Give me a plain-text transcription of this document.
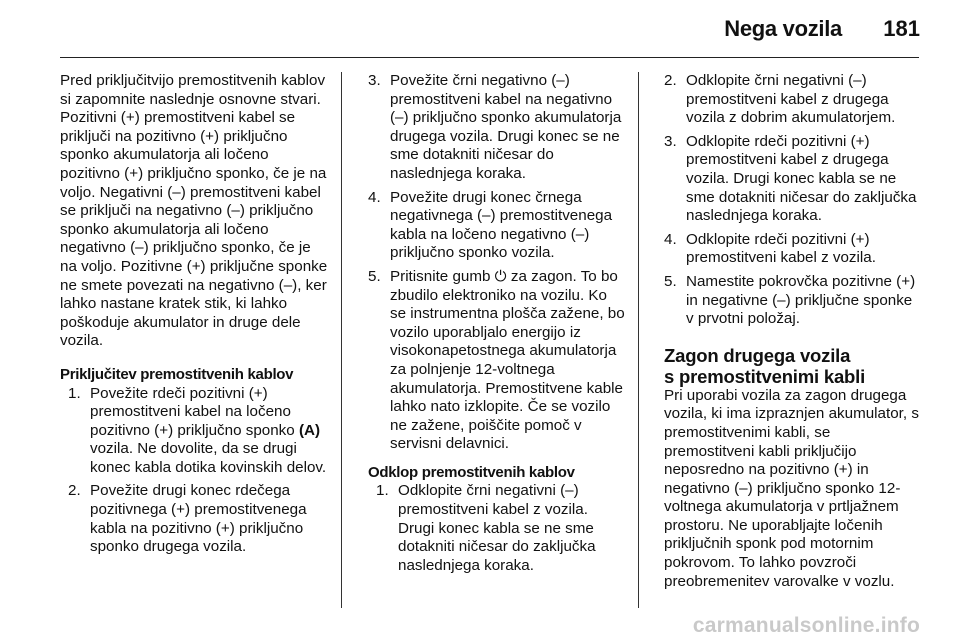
Nega vozila 181

Pred priključitvijo premostitvenih kablov si zapomnite naslednje osnovne stvari. Pozitivni (+) premostitveni kabel se priključi na pozitivno (+) priključno sponko akumulatorja ali ločeno pozitivno (+) priključno sponko, če je na voljo. Negativni (–) premostitveni kabel se priključi na negativno (–) priključno sponko akumulatorja ali ločeno negativno (–) priključno sponko, če je na voljo. Pozitivne (+) priključne sponke ne smete povezati na negativno (–), ker lahko nastane kratek stik, ki lahko poškoduje akumulator in druge dele vozila.

Priključitev premostitvenih kablov

1. Povežite rdeči pozitivni (+) premostitveni kabel na ločeno pozitivno (+) priključno sponko (A) vozila. Ne dovolite, da se drugi konec kabla dotika kovinskih delov.
2. Povežite drugi konec rdečega pozitivnega (+) premostitvenega kabla na pozitivno (+) priključno sponko drugega vozila.
3. Povežite črni negativno (–) premostitveni kabel na negativno (–) priključno sponko akumulatorja drugega vozila. Drugi konec se ne sme dotakniti ničesar do naslednjega koraka.
4. Povežite drugi konec črnega negativnega (–) premostitvenega kabla na ločeno negativno (–) priključno sponko vozila.
5. Pritisnite gumb ⏻ za zagon. To bo zbudilo elektroniko na vozilu. Ko se instrumentna plošča zažene, bo vozilo uporabljalo energijo iz visokonapetostnega akumulatorja za polnjenje 12-voltnega akumulatorja. Premostitvene kable lahko nato izklopite. Če se vozilo ne zažene, poiščite pomoč v servisni delavnici.

Odklop premostitvenih kablov

1. Odklopite črni negativni (–) premostitveni kabel z vozila. Drugi konec kabla se ne sme dotakniti ničesar do zaključka naslednjega koraka.
2. Odklopite črni negativni (–) premostitveni kabel z drugega vozila z dobrim akumulatorjem.
3. Odklopite rdeči pozitivni (+) premostitveni kabel z drugega vozila. Drugi konec kabla se ne sme dotakniti ničesar do zaključka naslednjega koraka.
4. Odklopite rdeči pozitivni (+) premostitveni kabel z vozila.
5. Namestite pokrovčka pozitivne (+) in negativne (–) priključne sponke v prvotni položaj.
Zagon drugega vozila
s premostitvenimi kabli

Pri uporabi vozila za zagon drugega vozila, ki ima izpraznjen akumulator, s premostitvenimi kabli, se premostitveni kabli priključijo neposredno na pozitivno (+) in negativno (–) priključno sponko 12-voltnega akumulatorja v prtljažnem prostoru. Ne uporabljajte ločenih priključnih sponk pod motornim pokrovom. To lahko povzroči preobremenitev varovalke v vozlu.

carmanualsonline.info
